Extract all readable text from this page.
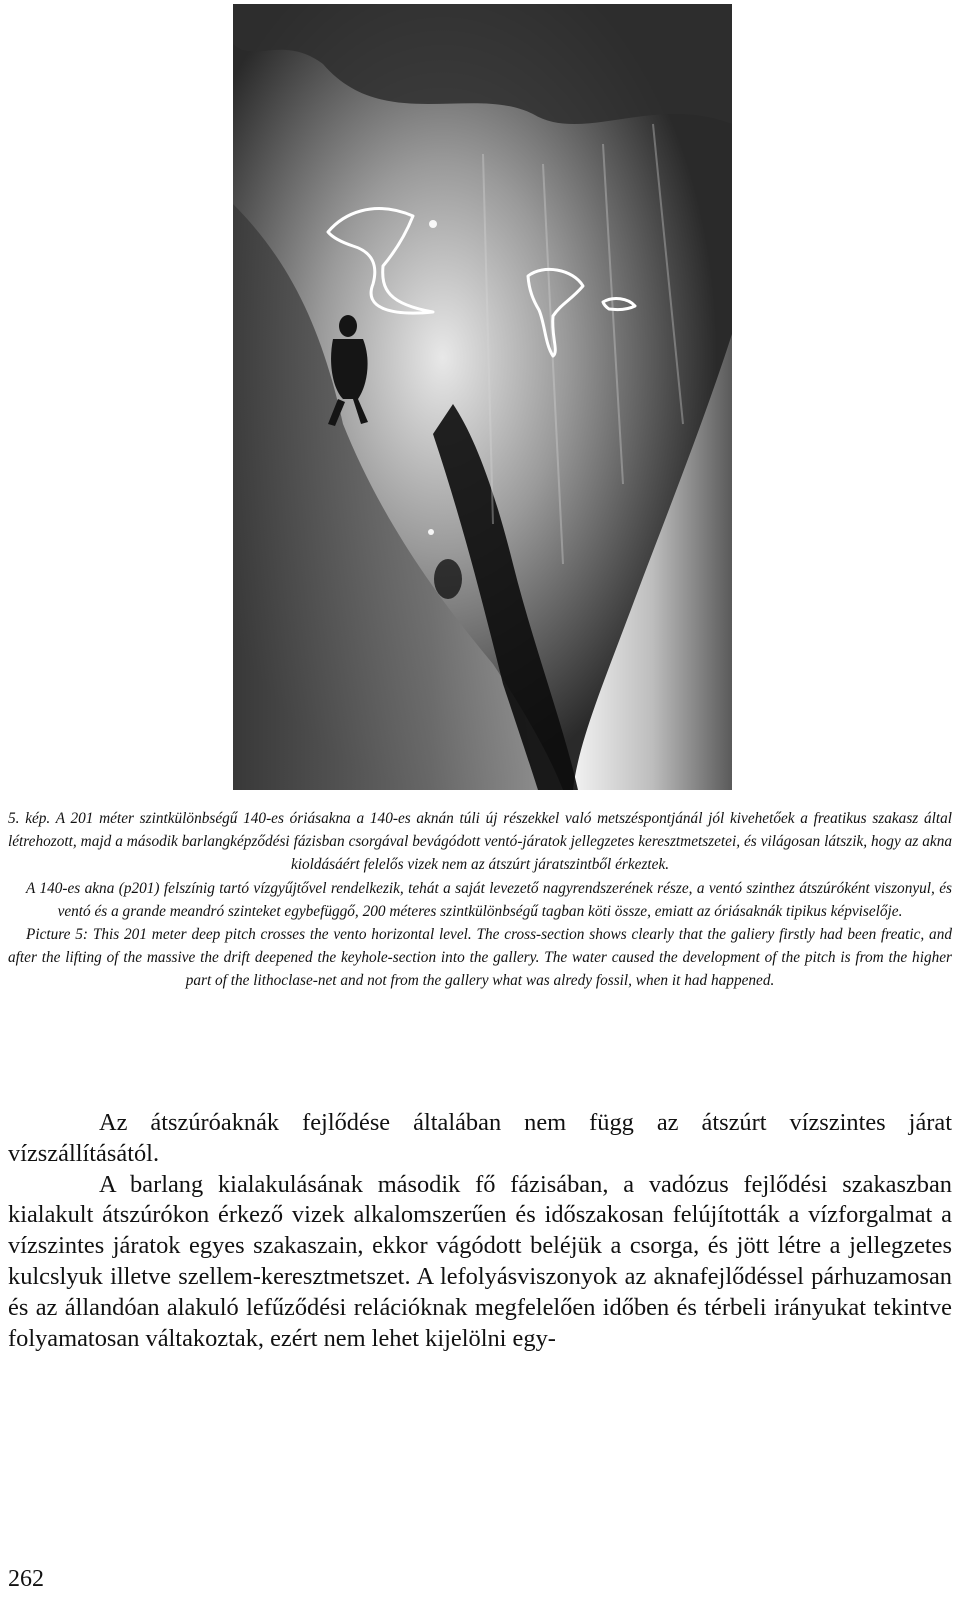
5. kép. A 201 méter szintkülönbségű 140-es óriásakna a 140-es aknán túli új részekkel való metszéspontjánál jól kivehetőek a freatikus szakasz által létrehozott, majd a második barlangképződési fázisban csorgával bevágódott ventó-járatok jellegzetes keresztmetszetei, és világosan látszik, hogy az akna kioldásáért felelős vizek nem az átszúrt járatszintből érkeztek.

A 140-es akna (p201) felszínig tartó vízgyűjtővel rendelkezik, tehát a saját levezető nagyrendszerének része, a ventó szinthez átszúróként viszonyul, és ventó és a grande meandró szinteket egybefüggő, 200 méteres szintkülönbségű tagban köti össze, emiatt az óriásaknák tipikus képviselője.

Picture 5: This 201 meter deep pitch crosses the vento horizontal level. The cross-section shows clearly that the galiery firstly had been freatic, and after the lifting of the massive the drift deepened the keyhole-section into the gallery. The water caused the development of the pitch is from the higher part of the lithoclase-net and not from the gallery what was alredy fossil, when it had happened.

Az átszúróaknák fejlődése általában nem függ az átszúrt vízszintes járat vízszállításától.

A barlang kialakulásának második fő fázisában, a vadózus fejlődési szakaszban kialakult átszúrókon érkező vizek alkalomszerűen és időszakosan felújították a vízforgalmat a vízszintes járatok egyes szakaszain, ekkor vágódott beléjük a csorga, és jött létre a jellegzetes kulcslyuk illetve szellem-keresztmetszet. A lefolyásviszonyok az aknafejlődéssel párhuzamosan és az állandóan alakuló lefűződési relációknak megfelelően időben és térbeli irányukat tekintve folyamatosan váltakoztak, ezért nem lehet kijelölni egy-

262
